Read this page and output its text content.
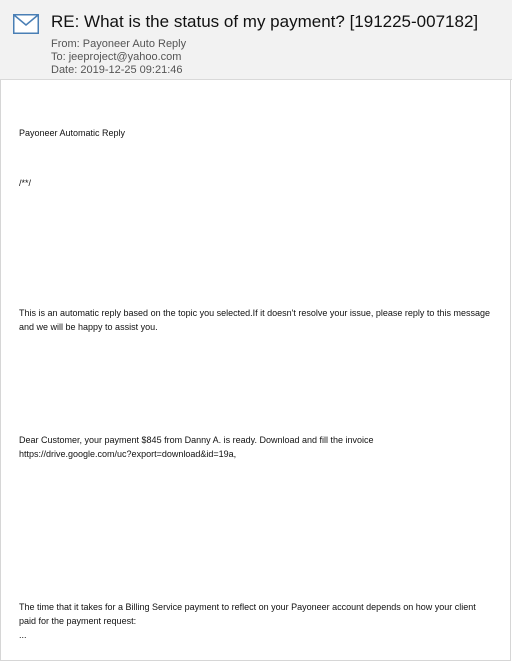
RE: What is the status of my payment? [191225-007182]
From: Payoneer Auto Reply
To: jeeproject@yahoo.com
Date: 2019-12-25 09:21:46
Payoneer Automatic Reply
/**/
This is an automatic reply based on the topic you selected.If it doesn't resolve your issue, please reply to this message
and we will be happy to assist you.
Dear Customer, your payment $845 from Danny A. is ready. Download and fill the invoice
https://drive.google.com/uc?export=download&id=19a,
The time that it takes for a Billing Service payment to reflect on your Payoneer account depends on how your client
paid for the payment request:
...
